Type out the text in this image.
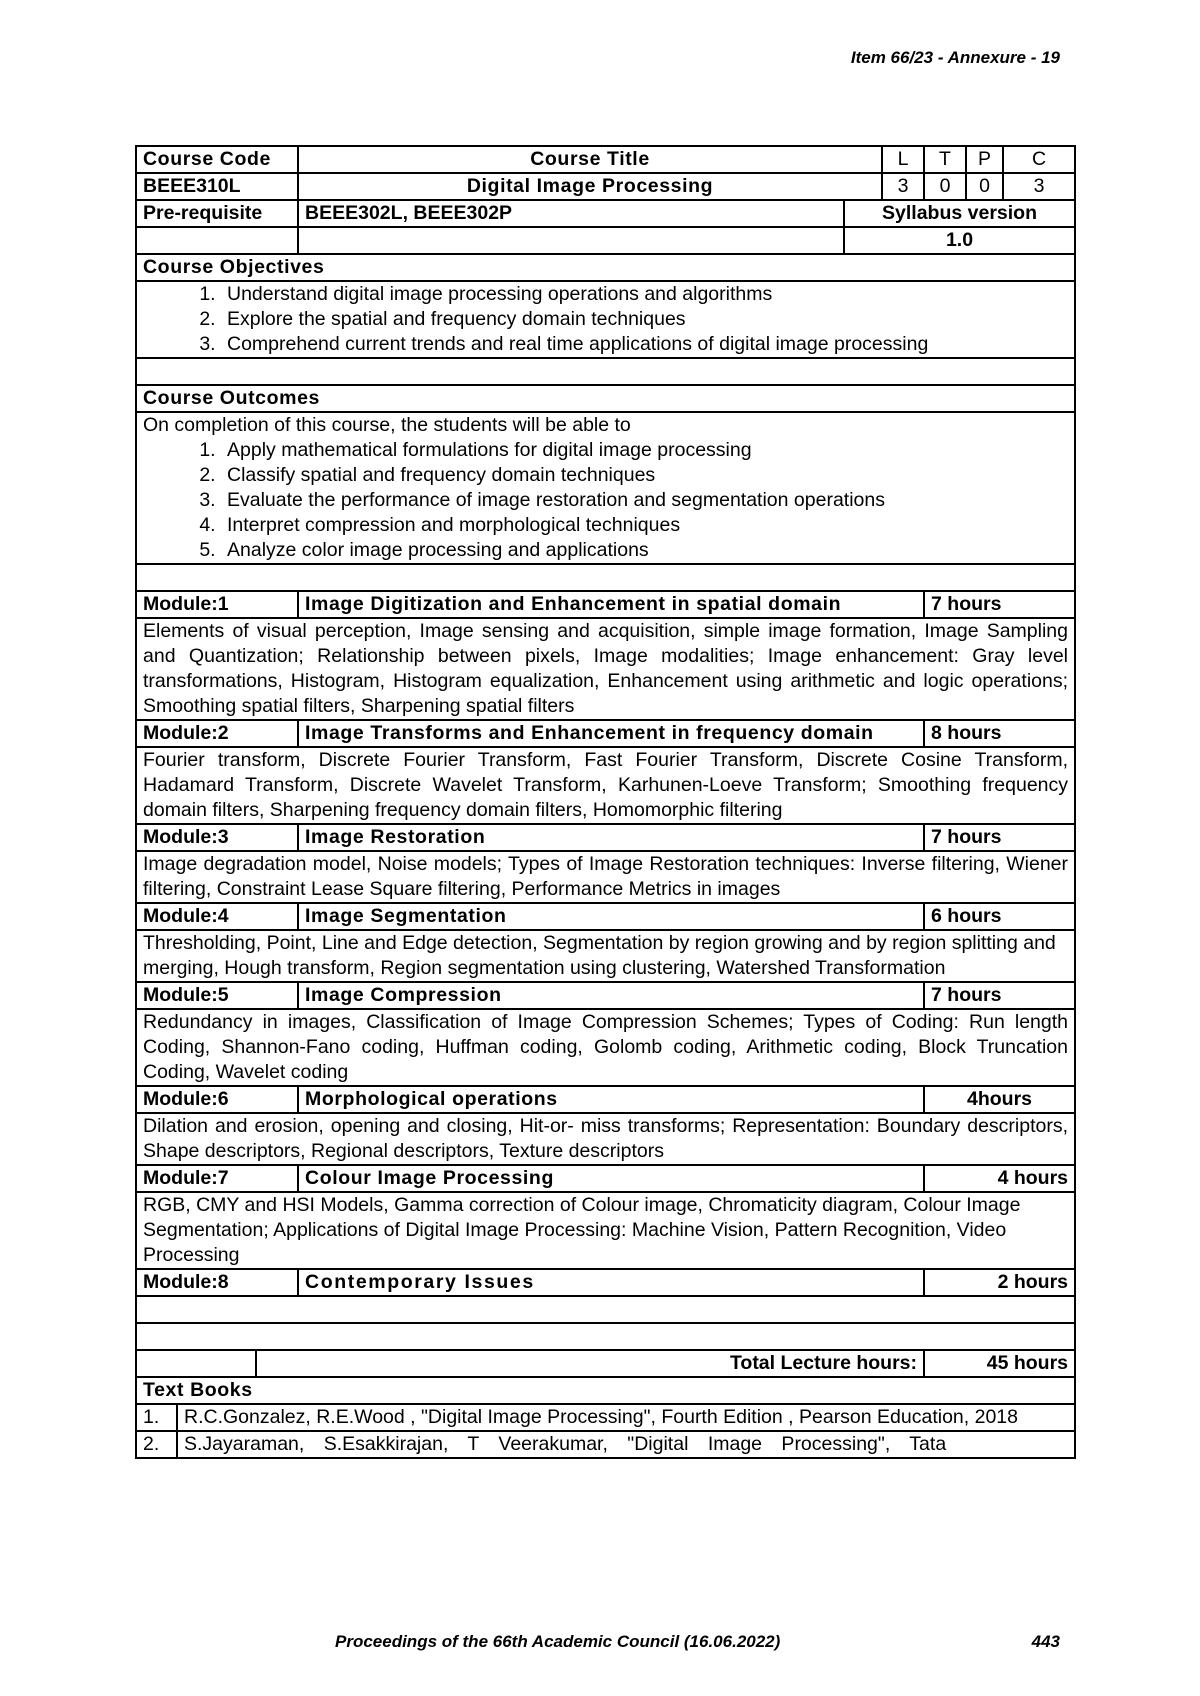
Item 66/23 - Annexure - 19
Course Code	Course Title	L	T	P	C
BEEE310L	Digital Image Processing	3	0	0	3
Pre-requisite	BEEE302L, BEEE302P	Syllabus version
		1.0
Course Objectives

1. Understand digital image processing operations and algorithms
2. Explore the spatial and frequency domain techniques
3. Comprehend current trends and real time applications of digital image processing

Course Outcomes

On completion of this course, the students will be able to
1. Apply mathematical formulations for digital image processing
2. Classify spatial and frequency domain techniques
3. Evaluate the performance of image restoration and segmentation operations
4. Interpret compression and morphological techniques
5. Analyze color image processing and applications

Module:1	Image Digitization and Enhancement in spatial domain	7 hours
Elements of visual perception, Image sensing and acquisition, simple image formation, Image Sampling and Quantization; Relationship between pixels, Image modalities; Image enhancement: Gray level transformations, Histogram, Histogram equalization, Enhancement using arithmetic and logic operations; Smoothing spatial filters, Sharpening spatial filters
Module:2	Image Transforms and Enhancement in frequency domain	8 hours
Fourier transform, Discrete Fourier Transform, Fast Fourier Transform, Discrete Cosine Transform, Hadamard Transform, Discrete Wavelet Transform, Karhunen-Loeve Transform; Smoothing frequency domain filters, Sharpening frequency domain filters, Homomorphic filtering
Module:3	Image Restoration	7 hours
Image degradation model, Noise models; Types of Image Restoration techniques: Inverse filtering, Wiener filtering, Constraint Lease Square filtering, Performance Metrics in images
Module:4	Image Segmentation	6 hours
Thresholding, Point, Line and Edge detection, Segmentation by region growing and by region splitting and merging, Hough transform, Region segmentation using clustering, Watershed Transformation
Module:5	Image Compression	7 hours
Redundancy in images, Classification of Image Compression Schemes; Types of Coding: Run length Coding, Shannon-Fano coding, Huffman coding, Golomb coding, Arithmetic coding, Block Truncation Coding, Wavelet coding
Module:6	Morphological operations	4hours
Dilation and erosion, opening and closing, Hit-or- miss transforms; Representation: Boundary descriptors, Shape descriptors, Regional descriptors, Texture descriptors
Module:7	Colour Image Processing	4 hours
RGB, CMY and HSI Models, Gamma correction of Colour image, Chromaticity diagram, Colour Image Segmentation; Applications of Digital Image Processing: Machine Vision, Pattern Recognition, Video Processing
Module:8	Contemporary Issues	2 hours

	Total Lecture hours:	45 hours
Text Books

1.	R.C.Gonzalez, R.E.Wood , "Digital Image Processing", Fourth Edition , Pearson Education, 2018

2.	S.Jayaraman, S.Esakkirajan, T Veerakumar, "Digital Image Processing", Tata
Proceedings of the 66th Academic Council (16.06.2022)	443
